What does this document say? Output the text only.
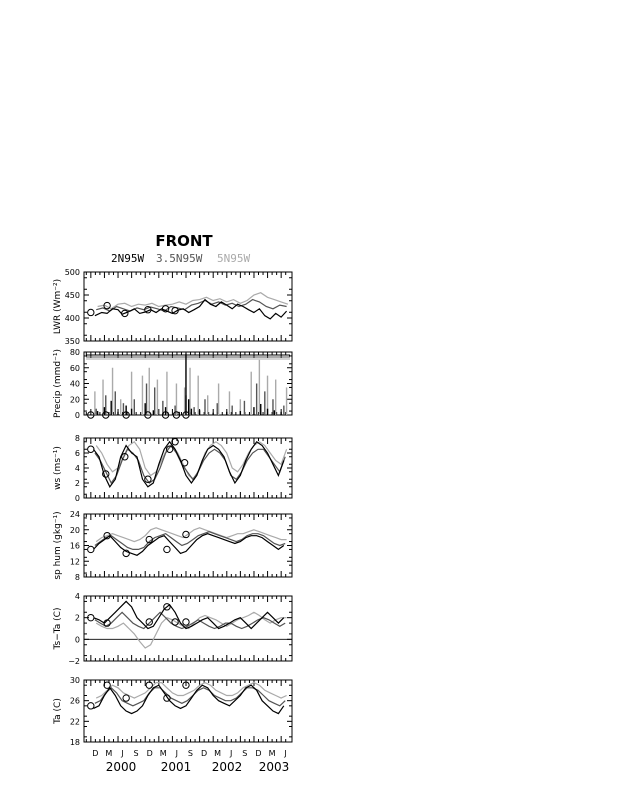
FRONT
2N95W 3.5N95W 5N95W
350
400
450
500
LWR (Wm⁻²)
0
20
40
60
80
Precip (mmd⁻¹)
0
2
4
6
8
ws (ms⁻¹)
8
12
16
20
24
sp hum (gkg⁻¹)
−2
0
2
4
Ts−Ta (C)
18
22
26
30
Ta (C)
D M J S D M J S D M J S D M J
2000 2001 2002 2003
